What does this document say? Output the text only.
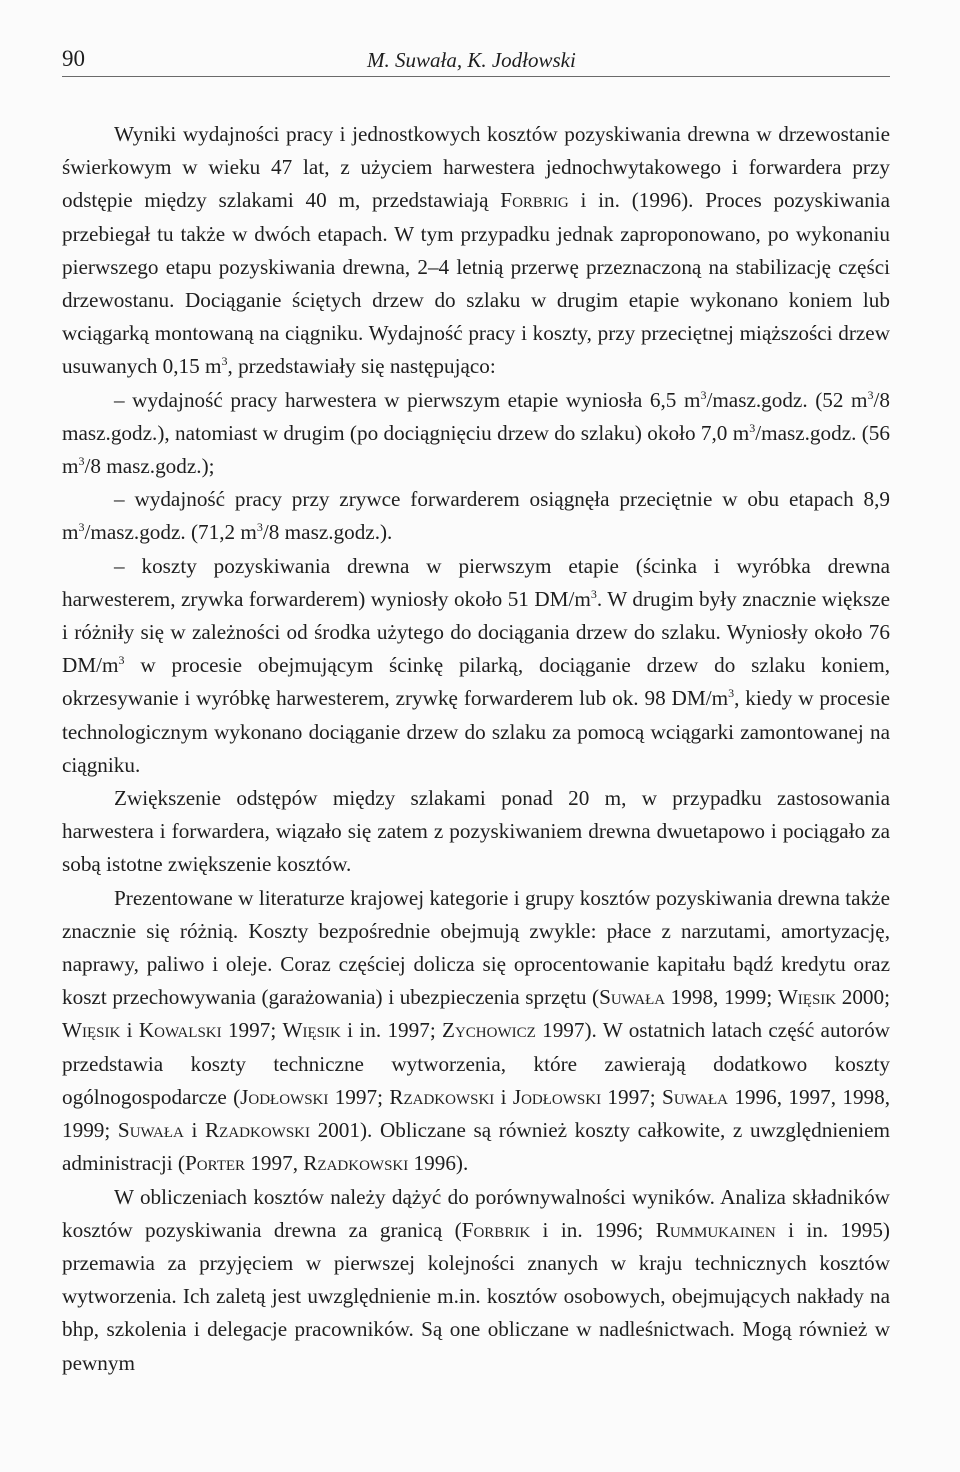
90	M. Suwała, K. Jodłowski

Wyniki wydajności pracy i jednostkowych kosztów pozyskiwania drewna w drzewostanie świerkowym w wieku 47 lat, z użyciem harwestera jednochwytakowego i forwardera przy odstępie między szlakami 40 m, przedstawiają Forbrig i in. (1996). Proces pozyskiwania przebiegał tu także w dwóch etapach. W tym przypadku jednak zaproponowano, po wykonaniu pierwszego etapu pozyskiwania drewna, 2–4 letnią przerwę przeznaczoną na stabilizację części drzewostanu. Dociąganie ściętych drzew do szlaku w drugim etapie wykonano koniem lub wciągarką montowaną na ciągniku. Wydajność pracy i koszty, przy przeciętnej miąższości drzew usuwanych 0,15 $m^3$, przedstawiały się następująco:

– wydajność pracy harwestera w pierwszym etapie wyniosła 6,5 $m^3/masz.godz$. (52 $m^3/8$ masz.godz.), natomiast w drugim (po dociągnięciu drzew do szlaku) około 7,0 $m^3/masz.godz$. (56 $m^3/8$ masz.godz.);

– wydajność pracy przy zrywce forwarderem osiągnęła przeciętnie w obu etapach 8,9 $m^3/masz.godz$. (71,2 $m^3/8$ masz.godz.).

– koszty pozyskiwania drewna w pierwszym etapie (ścinka i wyróbka drewna harwesterem, zrywka forwarderem) wyniosły około 51 $DM/m^3$. W drugim były znacznie większe i różniły się w zależności od środka użytego do dociągania drzew do szlaku. Wyniosły około 76 $DM/m^3$ w procesie obejmującym ścinkę pilarką, dociąganie drzew do szlaku koniem, okrzesywanie i wyróbkę harwesterem, zrywkę forwarderem lub ok. 98 $DM/m^3$, kiedy w procesie technologicznym wykonano dociąganie drzew do szlaku za pomocą wciągarki zamontowanej na ciągniku.

Zwiększenie odstępów między szlakami ponad 20 m, w przypadku zastosowania harwestera i forwardera, wiązało się zatem z pozyskiwaniem drewna dwuetapowo i pociągało za sobą istotne zwiększenie kosztów.

Prezentowane w literaturze krajowej kategorie i grupy kosztów pozyskiwania drewna także znacznie się różnią. Koszty bezpośrednie obejmują zwykle: płace z narzutami, amortyzację, naprawy, paliwo i oleje. Coraz częściej dolicza się oprocentowanie kapitału bądź kredytu oraz koszt przechowywania (garażowania) i ubezpieczenia sprzętu (Suwała 1998, 1999; Więsik 2000; Więsik i Kowalski 1997; Więsik i in. 1997; Zychowicz 1997). W ostatnich latach część autorów przedstawia koszty techniczne wytworzenia, które zawierają dodatkowo koszty ogólnogospodarcze (Jodłowski 1997; Rzadkowski i Jodłowski 1997; Suwała 1996, 1997, 1998, 1999; Suwała i Rzadkowski 2001). Obliczane są również koszty całkowite, z uwzględnieniem administracji (Porter 1997, Rzadkowski 1996).

W obliczeniach kosztów należy dążyć do porównywalności wyników. Analiza składników kosztów pozyskiwania drewna za granicą (Forbrik i in. 1996; Rummukainen i in. 1995) przemawia za przyjęciem w pierwszej kolejności znanych w kraju technicznych kosztów wytworzenia. Ich zaletą jest uwzględnienie m.in. kosztów osobowych, obejmujących nakłady na bhp, szkolenia i delegacje pracowników. Są one obliczane w nadleśnictwach. Mogą również w pewnym
